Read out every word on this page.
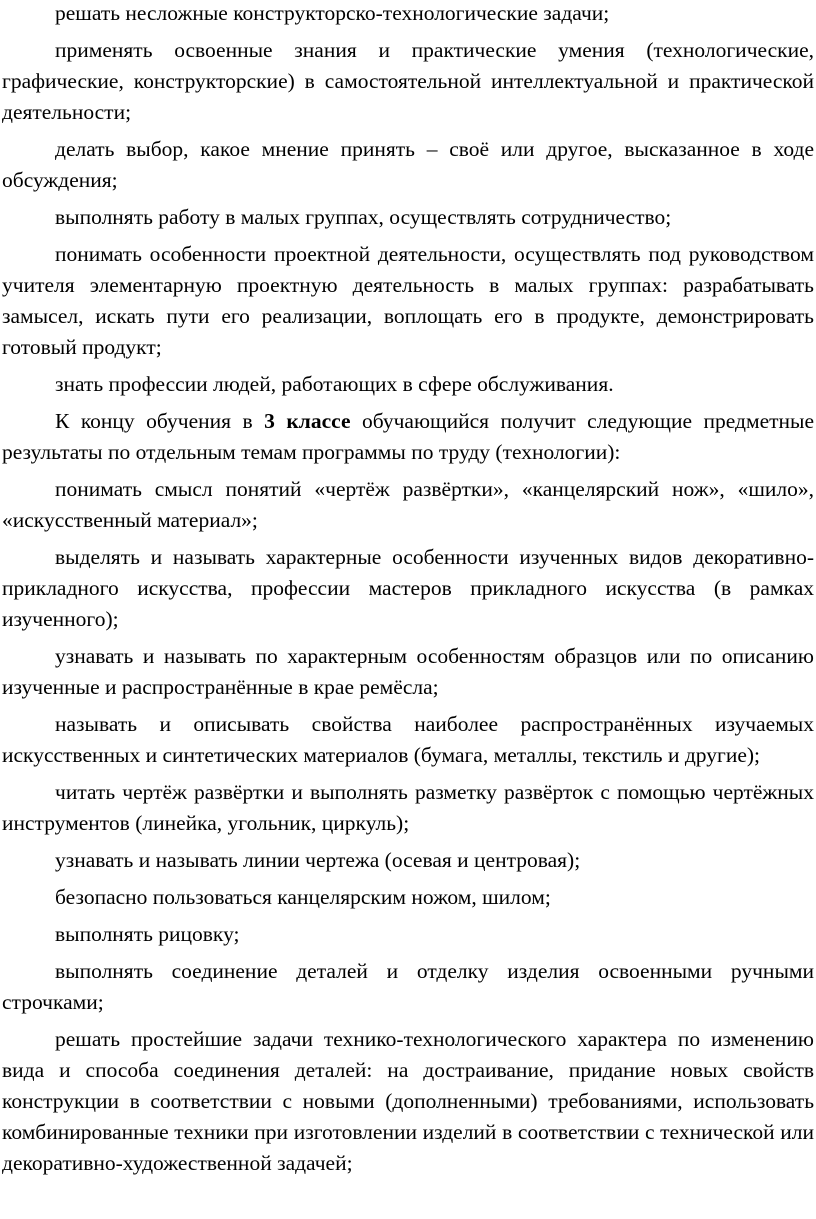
решать несложные конструкторско-технологические задачи;

применять освоенные знания и практические умения (технологические, графические, конструкторские) в самостоятельной интеллектуальной и практической деятельности;

делать выбор, какое мнение принять – своё или другое, высказанное в ходе обсуждения;

выполнять работу в малых группах, осуществлять сотрудничество;

понимать особенности проектной деятельности, осуществлять под руководством учителя элементарную проектную деятельность в малых группах: разрабатывать замысел, искать пути его реализации, воплощать его в продукте, демонстрировать готовый продукт;

знать профессии людей, работающих в сфере обслуживания.

К концу обучения в 3 классе обучающийся получит следующие предметные результаты по отдельным темам программы по труду (технологии):

понимать смысл понятий «чертёж развёртки», «канцелярский нож», «шило», «искусственный материал»;

выделять и называть характерные особенности изученных видов декоративно-прикладного искусства, профессии мастеров прикладного искусства (в рамках изученного);

узнавать и называть по характерным особенностям образцов или по описанию изученные и распространённые в крае ремёсла;

называть и описывать свойства наиболее распространённых изучаемых искусственных и синтетических материалов (бумага, металлы, текстиль и другие);

читать чертёж развёртки и выполнять разметку развёрток с помощью чертёжных инструментов (линейка, угольник, циркуль);

узнавать и называть линии чертежа (осевая и центровая);

безопасно пользоваться канцелярским ножом, шилом;

выполнять рицовку;

выполнять соединение деталей и отделку изделия освоенными ручными строчками;

решать простейшие задачи технико-технологического характера по изменению вида и способа соединения деталей: на достраивание, придание новых свойств конструкции в соответствии с новыми (дополненными) требованиями, использовать комбинированные техники при изготовлении изделий в соответствии с технической или декоративно-художественной задачей;
